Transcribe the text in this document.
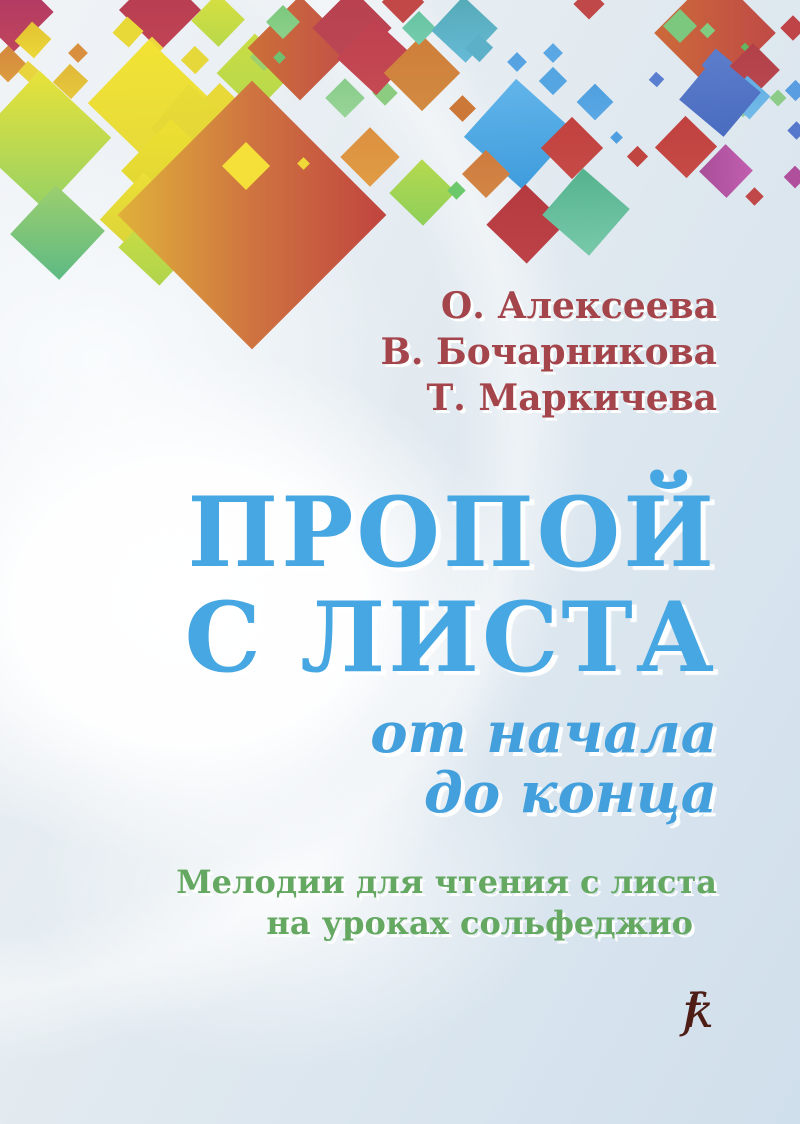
О. Алексеева
В. Бочарникова
Т. Маркичева
ПРОПОЙ
С ЛИСТА
от начала
до конца
Мелодии для чтения с листа
на уроках сольфеджио
fk
